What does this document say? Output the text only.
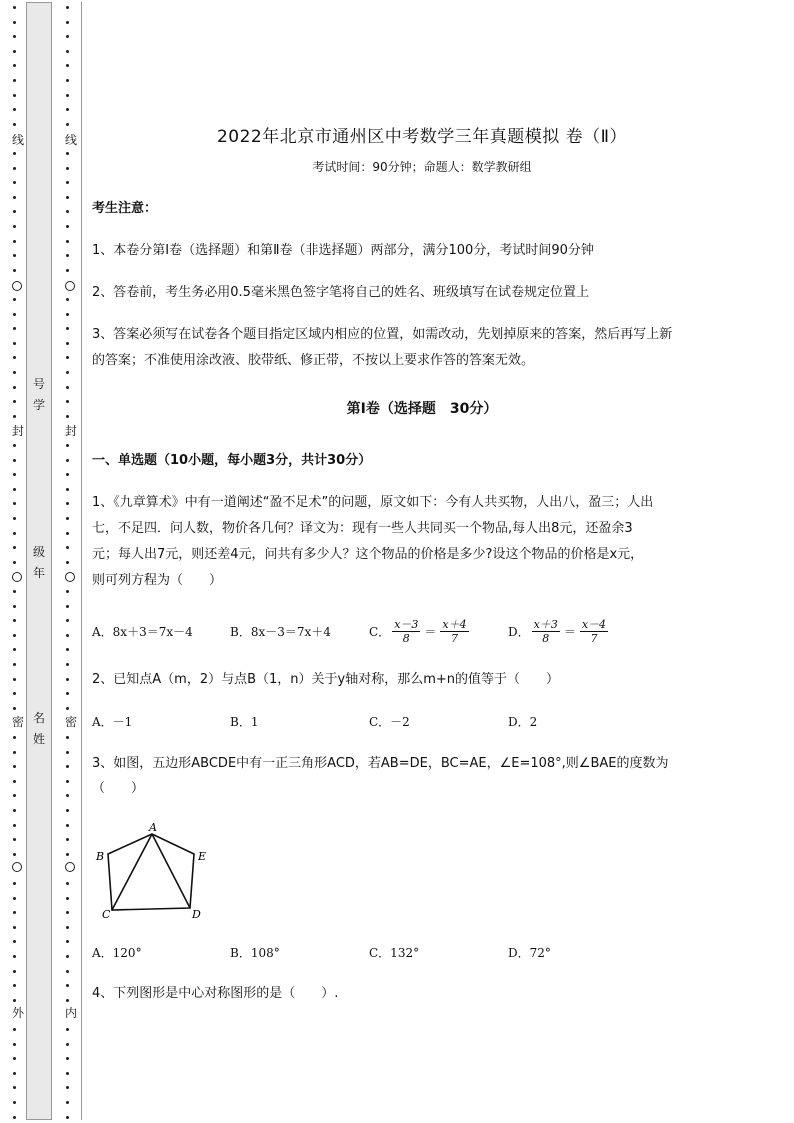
线
封
密
外
线
封
密
内
号
学
级
年
名
姓
2022年北京市通州区中考数学三年真题模拟 卷（Ⅱ）
考试时间：90分钟；命题人：数学教研组
考生注意：
1、本卷分第I卷（选择题）和第Ⅱ卷（非选择题）两部分，满分100分，考试时间90分钟
2、答卷前，考生务必用0.5毫米黑色签字笔将自己的姓名、班级填写在试卷规定位置上
3、答案必须写在试卷各个题目指定区域内相应的位置，如需改动，先划掉原来的答案，然后再写上新
的答案；不准使用涂改液、胶带纸、修正带，不按以上要求作答的答案无效。
第Ⅰ卷（选择题　30分）
一、单选题（10小题，每小题3分，共计30分）
1、《九章算术》中有一道阐述“盈不足术”的问题，原文如下：今有人共买物，人出八，盈三；人出
七，不足四．问人数，物价各几何？译文为：现有一些人共同买一个物品,每人出8元，还盈余3
元；每人出7元，则还差4元，问共有多少人？这个物品的价格是多少?设这个物品的价格是x元，
则可列方程为（　　）
A．8x＋3＝7x－4	B．8x－3＝7x＋4	C． $\frac{x-3}{8} = \frac{x+4}{7}$	D． $\frac{x+3}{8} = \frac{x-4}{7}$
2、已知点A（m，2）与点B（1，n）关于y轴对称，那么m+n的值等于（　　）
A．－1	B．1	C．－2	D．2
3、如图，五边形ABCDE中有一正三角形ACD，若AB=DE，BC=AE，∠E=108°,则∠BAE的度数为
（　　）
A．120°	B．108°	C．132°	D．72°
4、下列图形是中心对称图形的是（　　）.
A
B
C	D
E
